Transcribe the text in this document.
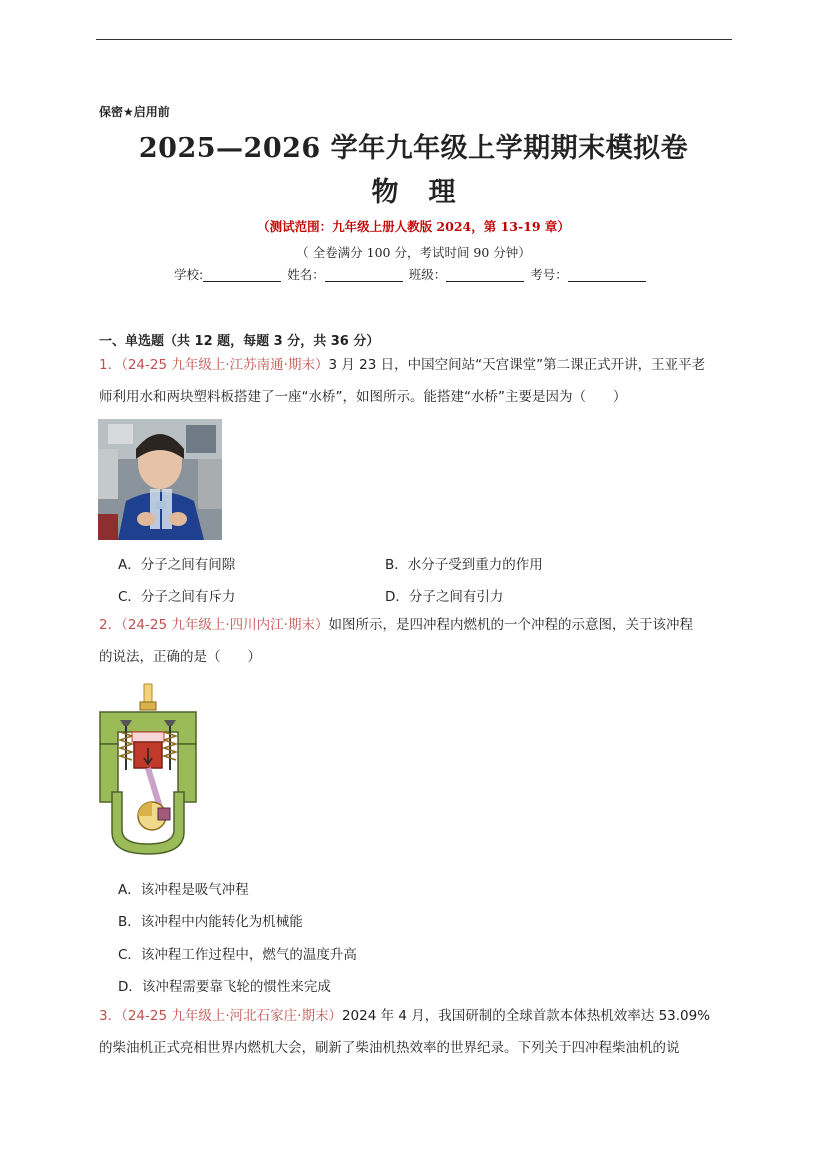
保密★启用前
2025—2026 学年九年级上学期期末模拟卷
物理
（测试范围：九年级上册人教版 2024，第 13-19 章）
（ 全卷满分 100 分，考试时间 90 分钟）
学校:	姓名：	班级：	考号：
一、单选题（共 12 题，每题 3 分，共 36 分）
1．（24-25 九年级上·江苏南通·期末）3 月 23 日，中国空间站“天宫课堂”第二课正式开讲，王亚平老
师利用水和两块塑料板搭建了一座“水桥”，如图所示。能搭建“水桥”主要是因为（　　）
A．分子之间有间隙	B．水分子受到重力的作用
C．分子之间有斥力	D．分子之间有引力
2．（24-25 九年级上·四川内江·期末）如图所示，是四冲程内燃机的一个冲程的示意图，关于该冲程
的说法，正确的是（　　）
A．该冲程是吸气冲程
B．该冲程中内能转化为机械能
C．该冲程工作过程中，燃气的温度升高
D．该冲程需要靠飞轮的惯性来完成
3．（24-25 九年级上·河北石家庄·期末）2024 年 4 月，我国研制的全球首款本体热机效率达 53.09%
的柴油机正式亮相世界内燃机大会，刷新了柴油机热效率的世界纪录。下列关于四冲程柴油机的说
